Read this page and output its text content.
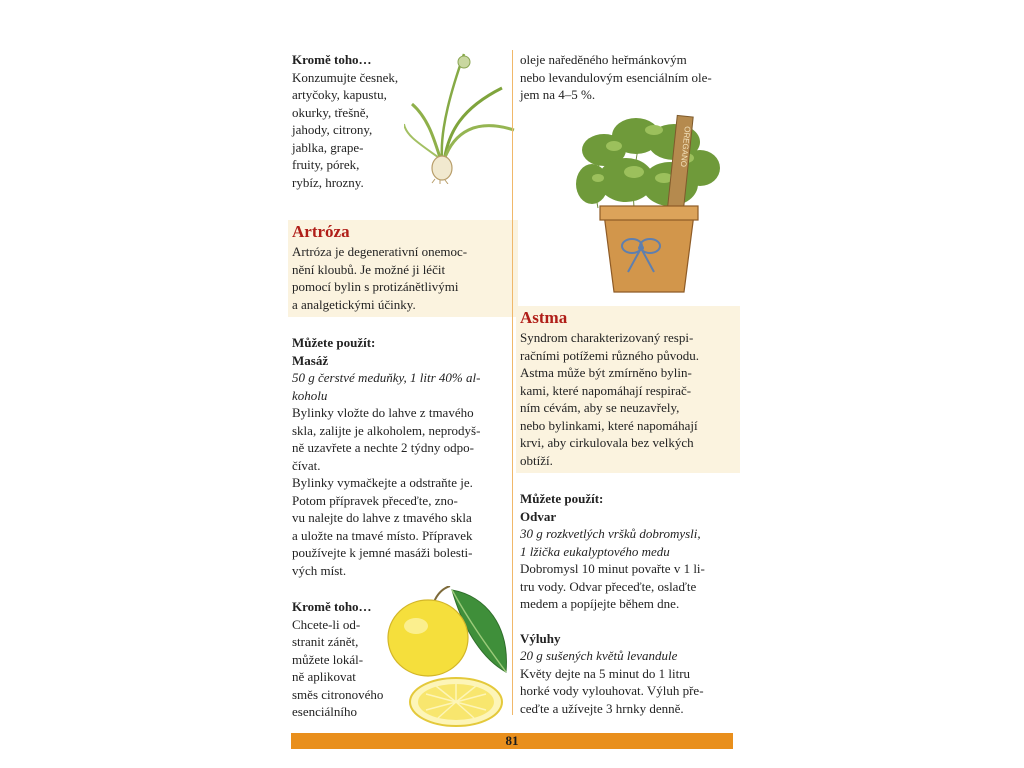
Kromě toho…

Konzumujte česnek,
artyčoky, kapustu,
okurky, třešně,
jahody, citrony,
jablka, grape-
fruity, pórek,
rybíz, hrozny.

Artróza

Artróza je degenerativní onemoc-
nění kloubů. Je možné ji léčit
pomocí bylin s protizánětlivými
a analgetickými účinky.

Můžete použít:

Masáž

50 g čerstvé meduňky, 1 litr 40% al-
koholu
Bylinky vložte do lahve z tmavého
skla, zalijte je alkoholem, neprodyš-
ně uzavřete a nechte 2 týdny odpo-
čívat.
Bylinky vymačkejte a odstraňte je.
Potom přípravek přeceďte, zno-
vu nalejte do lahve z tmavého skla
a uložte na tmavé místo. Přípravek
používejte k jemné masáži bolesti-
vých míst.

Kromě toho…

Chcete-li od-
stranit zánět,
můžete lokál-
ně aplikovat
směs citronového
esenciálního
oleje naředěného heřmánkovým
nebo levandulovým esenciálním ole-
jem na 4–5 %.
OREGANO

Astma

Syndrom charakterizovaný respi-
račními potížemi různého původu.
Astma může být zmírněno bylin-
kami, které napomáhají respirač-
ním cévám, aby se neuzavřely,
nebo bylinkami, které napomáhají
krvi, aby cirkulovala bez velkých
obtíží.

Můžete použít:

Odvar

30 g rozkvetlých vršků dobromysli,
1 lžička eukalyptového medu
Dobromysl 10 minut povařte v 1 li-
tru vody. Odvar přeceďte, oslaďte
medem a popíjejte během dne.

Výluhy

20 g sušených květů levandule
Květy dejte na 5 minut do 1 litru
horké vody vylouhovat. Výluh pře-
ceďte a užívejte 3 hrnky denně.
81
